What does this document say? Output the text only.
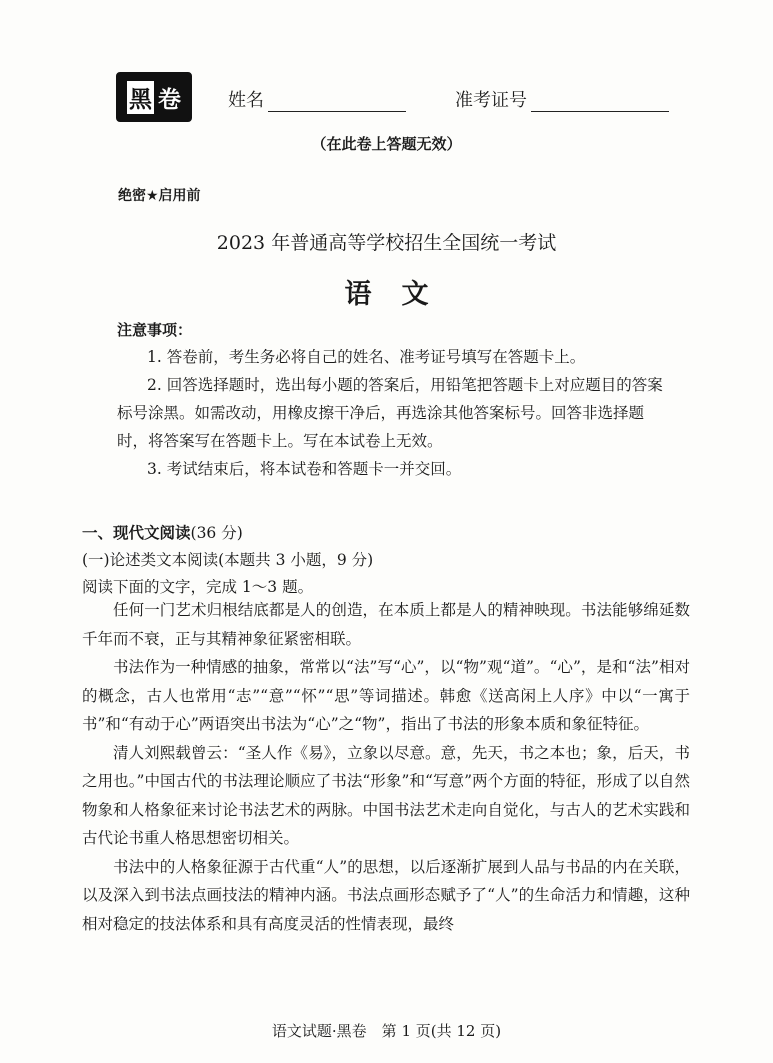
黑 卷	姓名	准考证号
（在此卷上答题无效）
绝密★启用前
2023 年普通高等学校招生全国统一考试
语文
注意事项：
1. 答卷前，考生务必将自己的姓名、准考证号填写在答题卡上。
2. 回答选择题时，选出每小题的答案后，用铅笔把答题卡上对应题目的答案标号涂黑。如需改动，用橡皮擦干净后，再选涂其他答案标号。回答非选择题时，将答案写在答题卡上。写在本试卷上无效。
3. 考试结束后，将本试卷和答题卡一并交回。
一、现代文阅读(36 分)
(一)论述类文本阅读(本题共 3 小题，9 分)
阅读下面的文字，完成 1～3 题。

任何一门艺术归根结底都是人的创造，在本质上都是人的精神映现。书法能够绵延数千年而不衰，正与其精神象征紧密相联。

书法作为一种情感的抽象，常常以“法”写“心”，以“物”观“道”。“心”，是和“法”相对的概念，古人也常用“志”“意”“怀”“思”等词描述。韩愈《送高闲上人序》中以“一寓于书”和“有动于心”两语突出书法为“心”之“物”，指出了书法的形象本质和象征特征。

清人刘熙载曾云：“圣人作《易》，立象以尽意。意，先天，书之本也；象，后天，书之用也。”中国古代的书法理论顺应了书法“形象”和“写意”两个方面的特征，形成了以自然物象和人格象征来讨论书法艺术的两脉。中国书法艺术走向自觉化，与古人的艺术实践和古代论书重人格思想密切相关。

书法中的人格象征源于古代重“人”的思想，以后逐渐扩展到人品与书品的内在关联，以及深入到书法点画技法的精神内涵。书法点画形态赋予了“人”的生命活力和情趣，这种相对稳定的技法体系和具有高度灵活的性情表现，最终

语文试题·黑卷　第 1 页(共 12 页)
